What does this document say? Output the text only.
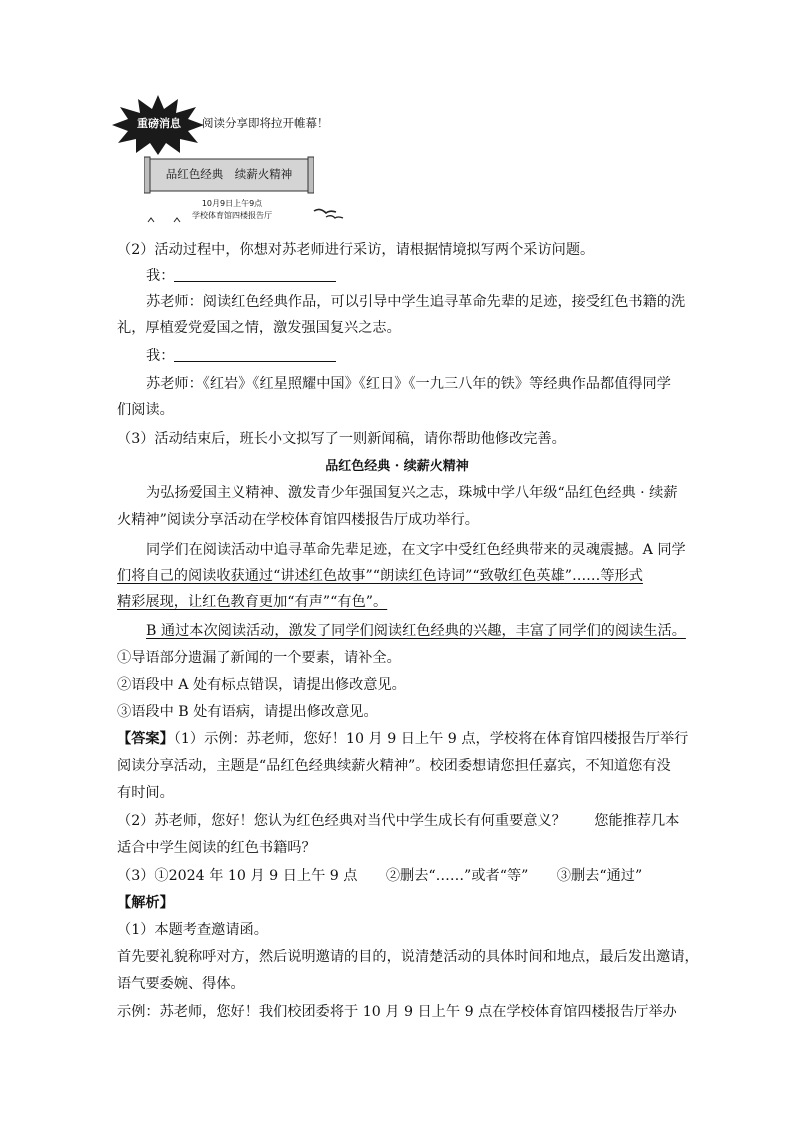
重磅消息	阅读分享即将拉开帷幕！
品红色经典　续薪火精神
10月9日上午9点
学校体育馆四楼报告厅
（2）活动过程中，你想对苏老师进行采访，请根据情境拟写两个采访问题。
我：
苏老师：阅读红色经典作品，可以引导中学生追寻革命先辈的足迹，接受红色书籍的洗
礼，厚植爱党爱国之情，激发强国复兴之志。
我：
苏老师：《红岩》《红星照耀中国》《红日》《一九三八年的铁》等经典作品都值得同学
们阅读。
（3）活动结束后，班长小文拟写了一则新闻稿，请你帮助他修改完善。
品红色经典 · 续薪火精神
为弘扬爱国主义精神、激发青少年强国复兴之志，珠城中学八年级“品红色经典 · 续薪
火精神”阅读分享活动在学校体育馆四楼报告厅成功举行。
同学们在阅读活动中追寻革命先辈足迹，在文字中受红色经典带来的灵魂震撼。A 同学
们将自己的阅读收获通过“讲述红色故事”“朗读红色诗词”“致敬红色英雄”……等形式
精彩展现，让红色教育更加“有声”“有色”。
B 通过本次阅读活动，激发了同学们阅读红色经典的兴趣，丰富了同学们的阅读生活。
①导语部分遗漏了新闻的一个要素，请补全。
②语段中 A 处有标点错误，请提出修改意见。
③语段中 B 处有语病，请提出修改意见。
【答案】（1）示例：苏老师，您好！10 月 9 日上午 9 点，学校将在体育馆四楼报告厅举行
阅读分享活动，主题是“品红色经典续薪火精神”。校团委想请您担任嘉宾，不知道您有没
有时间。
（2）苏老师，您好！您认为红色经典对当代中学生成长有何重要意义？　　您能推荐几本
适合中学生阅读的红色书籍吗？
（3）①2024 年 10 月 9 日上午 9 点　　②删去“……”或者“等”　　③删去“通过”
【解析】
（1）本题考查邀请函。
首先要礼貌称呼对方，然后说明邀请的目的，说清楚活动的具体时间和地点，最后发出邀请，
语气要委婉、得体。
示例：苏老师，您好！我们校团委将于 10 月 9 日上午 9 点在学校体育馆四楼报告厅举办
